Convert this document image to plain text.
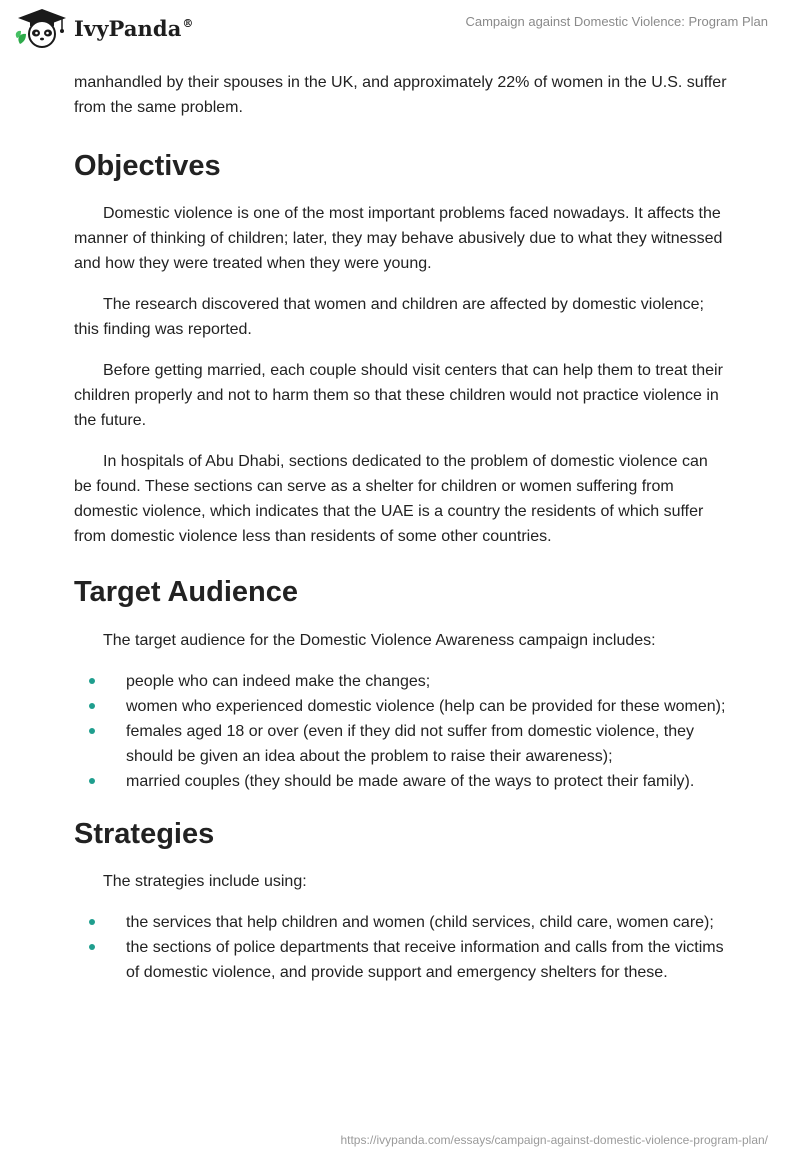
IvyPanda®	Campaign against Domestic Violence: Program Plan

manhandled by their spouses in the UK, and approximately 22% of women in the U.S. suffer from the same problem.

Objectives

Domestic violence is one of the most important problems faced nowadays. It affects the manner of thinking of children; later, they may behave abusively due to what they witnessed and how they were treated when they were young.

The research discovered that women and children are affected by domestic violence; this finding was reported.

Before getting married, each couple should visit centers that can help them to treat their children properly and not to harm them so that these children would not practice violence in the future.

In hospitals of Abu Dhabi, sections dedicated to the problem of domestic violence can be found. These sections can serve as a shelter for children or women suffering from domestic violence, which indicates that the UAE is a country the residents of which suffer from domestic violence less than residents of some other countries.

Target Audience

The target audience for the Domestic Violence Awareness campaign includes:

people who can indeed make the changes;
women who experienced domestic violence (help can be provided for these women);
females aged 18 or over (even if they did not suffer from domestic violence, they should be given an idea about the problem to raise their awareness);
married couples (they should be made aware of the ways to protect their family).
Strategies

The strategies include using:

the services that help children and women (child services, child care, women care);
the sections of police departments that receive information and calls from the victims of domestic violence, and provide support and emergency shelters for these.
https://ivypanda.com/essays/campaign-against-domestic-violence-program-plan/
